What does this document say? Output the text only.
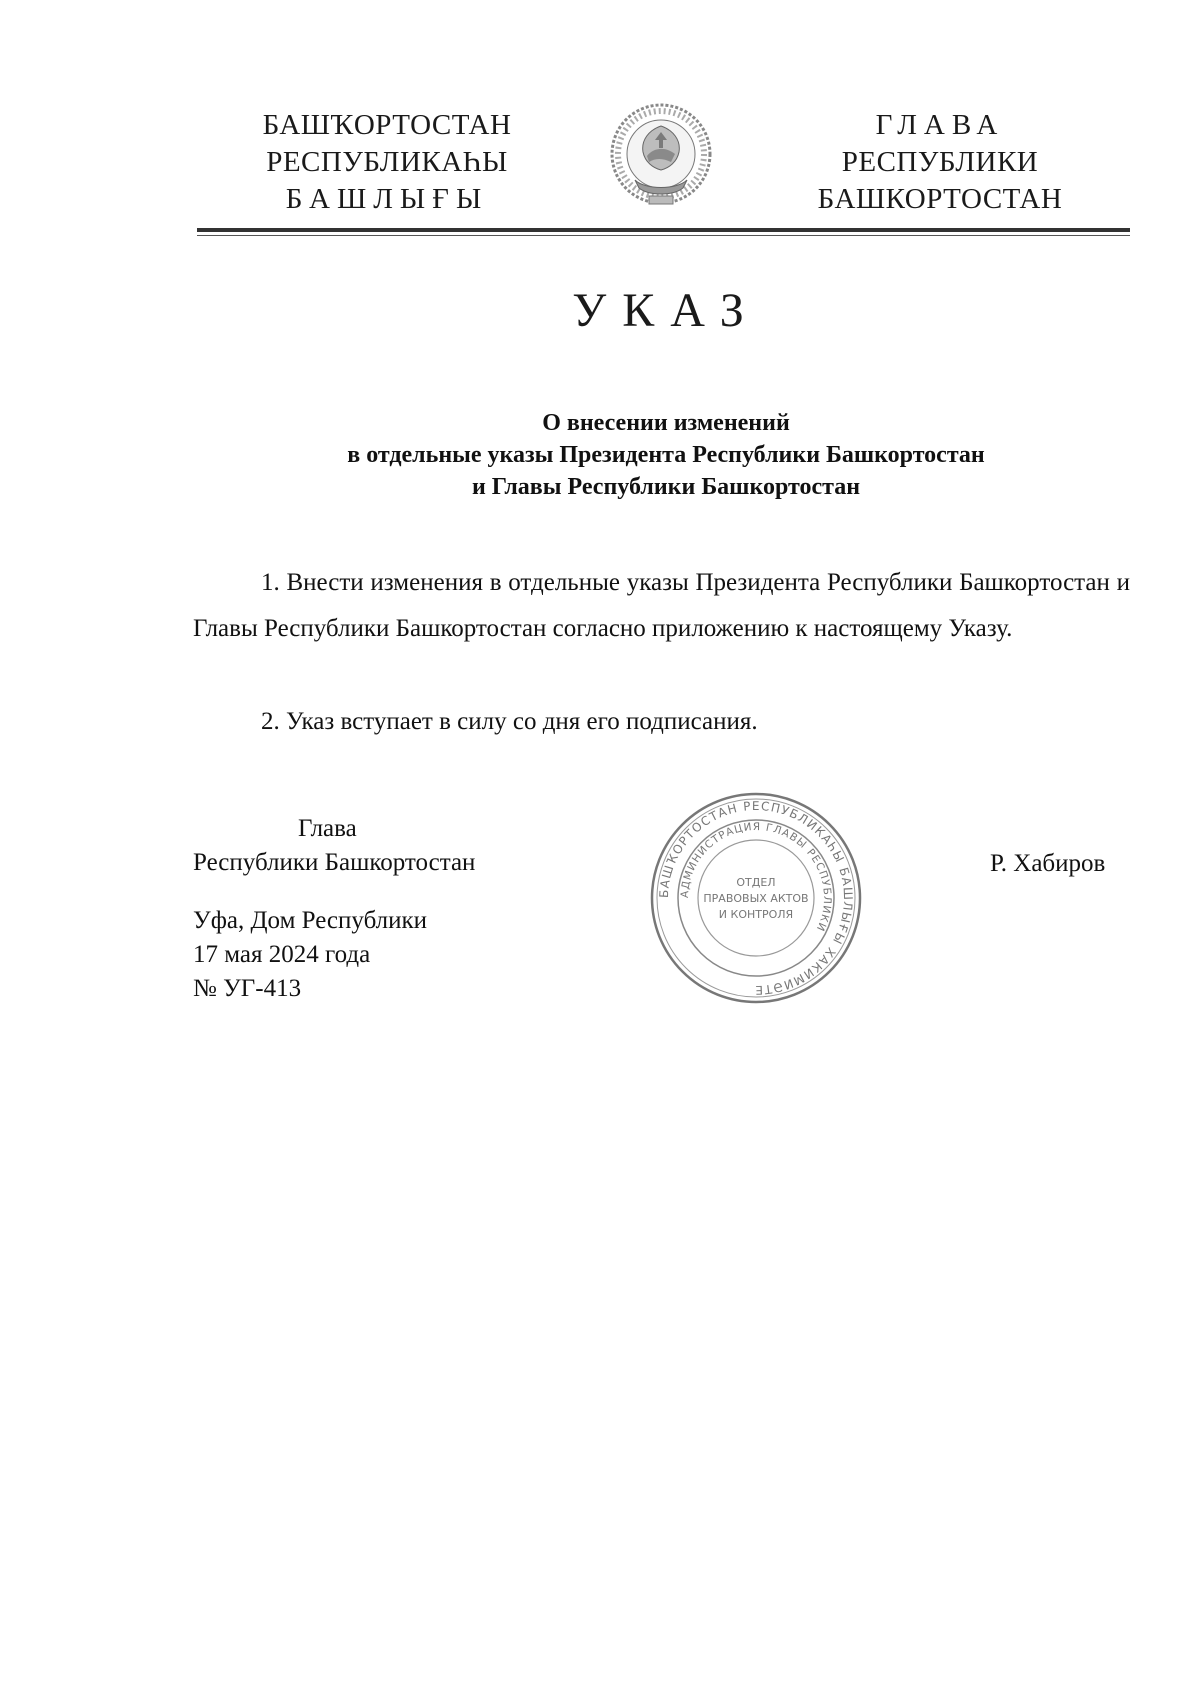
БАШҠОРТОСТАН
РЕСПУБЛИКАҺЫ
БАШЛЫҒЫ
ГЛАВА
РЕСПУБЛИКИ
БАШКОРТОСТАН
УКАЗ
О внесении изменений
в отдельные указы Президента Республики Башкортостан
и Главы Республики Башкортостан

1. Внести изменения в отдельные указы Президента Республики Башкортостан и Главы Республики Башкортостан согласно приложению к настоящему Указу.

2. Указ вступает в силу со дня его подписания.

Глава
Республики Башкортостан	Р. Хабиров
Уфа, Дом Республики
17 мая 2024 года
№ УГ-413
БАШҠОРТОСТАН РЕСПУБЛИКАҺЫ БАШЛЫҒЫ ХАКИМИӘТЕ
АДМИНИСТРАЦИЯ ГЛАВЫ РЕСПУБЛИКИ
ОТДЕЛ
ПРАВОВЫХ АКТОВ
И КОНТРОЛЯ
